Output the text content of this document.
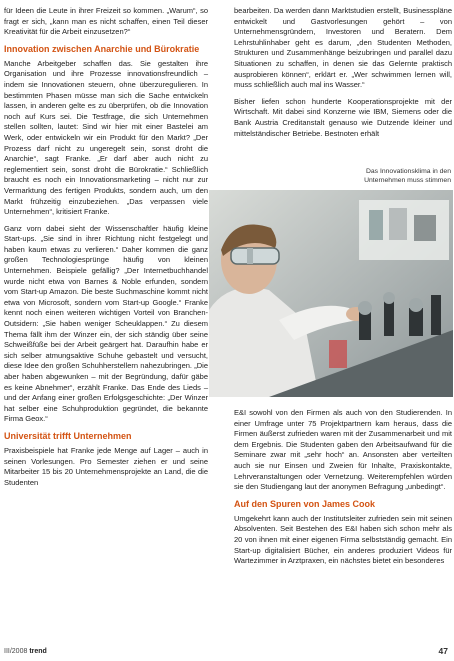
für Ideen die Leute in ihrer Freizeit so kommen. „Warum“, so fragt er sich, „kann man es nicht schaffen, einen Teil dieser Kreativität für die Arbeit einzusetzen?“

Innovation zwischen Anarchie und Bürokratie

Manche Arbeitgeber schaffen das. Sie gestalten ihre Organisation und ihre Prozesse innovationsfreundlich – indem sie Innovationen steuern, ohne überzuregulieren. In bestimmten Phasen müsse man sich die Sache entwickeln lassen, in anderen gelte es zu überprüfen, ob die Innovation noch auf Kurs sei. Die Testfrage, die sich Unternehmen stellen sollten, lautet: Sind wir hier mit einer Bastelei am Werk, oder entwickeln wir ein Produkt für den Markt? „Der Prozess darf nicht zu ungeregelt sein, sonst droht die Anarchie“, sagt Franke. „Er darf aber auch nicht zu reglementiert sein, sonst droht die Bürokratie.“ Schließlich braucht es noch ein Innovationsmarketing – nicht nur zur Vermarktung des fertigen Produkts, sondern auch, um den Markt frühzeitig einzubeziehen. „Das verpassen viele Unternehmen“, kritisiert Franke.

Ganz vorn dabei sieht der Wissenschaftler häufig kleine Start-ups. „Sie sind in ihrer Richtung nicht festgelegt und haben kaum etwas zu verlieren.“ Daher kommen die ganz großen Technologiesprünge häufig von kleinen Unternehmen. Beispiele gefällig? „Der Internetbuchhandel wurde nicht etwa von Barnes & Noble erfunden, sondern vom Start-up Amazon. Die beste Suchmaschine kommt nicht etwa von Microsoft, sondern vom Start-up Google.“ Franke kennt noch einen weiteren wichtigen Vorteil von Branchen-Outsidern: „Sie haben weniger Scheuklappen.“ Zu diesem Thema fällt ihm der Winzer ein, der sich ständig über seine Schweißfüße bei der Arbeit geärgert hat. Daraufhin habe er sich selber atmungsaktive Schuhe gebastelt und versucht, diese Idee den großen Schuhherstellern nahezubringen. „Die aber haben abgewunken – mit der Begründung, dafür gäbe es keine Abnehmer“, erzählt Franke. Das Ende des Lieds – und der Anfang einer großen Erfolgsgeschichte: „Der Winzer hat selber eine Schuhproduktion gegründet, die bekannte Firma Geox.“

Universität trifft Unternehmen

Praxisbeispiele hat Franke jede Menge auf Lager – auch in seinen Vorlesungen. Pro Semester ziehen er und seine Mitarbeiter 15 bis 20 Unternehmensprojekte an Land, die die Studenten

bearbeiten. Da werden dann Marktstudien erstellt, Businesspläne entwickelt und Gastvorlesungen gehört – von Unternehmensgründern, Investoren und Beratern. Dem Lehrstuhlinhaber geht es darum, „den Studenten Methoden, Strukturen und Zusammenhänge beizubringen und parallel dazu Situationen zu schaffen, in denen sie das Gelernte praktisch ausprobieren können“, erklärt er. „Wer schwimmen lernen will, muss schließlich auch mal ins Wasser.“

Bisher liefen schon hunderte Kooperationsprojekte mit der Wirtschaft. Mit dabei sind Konzerne wie IBM, Siemens oder die Bank Austria Creditanstalt genauso wie Dutzende kleiner und mittelständischer Betriebe. Bestnoten erhält

Das Innovationsklima in den Unternehmen muss stimmen

E&I sowohl von den Firmen als auch von den Studierenden. In einer Umfrage unter 75 Projektpartnern kam heraus, dass die Firmen äußerst zufrieden waren mit der Zusammenarbeit und mit dem Ergebnis. Die Studenten gaben den Arbeitsaufwand für die Seminare zwar mit „sehr hoch“ an. Ansonsten aber verteilten auch sie nur Einsen und Zweien für Inhalte, Praxiskontakte, Lehrveranstaltungen oder Vernetzung. Weiterempfehlen würden sie den Studiengang laut der anonymen Befragung „unbedingt“.

Auf den Spuren von James Cook

Umgekehrt kann auch der Institutsleiter zufrieden sein mit seinen Absolventen. Seit Bestehen des E&I haben sich schon mehr als 20 von ihnen mit einer eigenen Firma selbstständig gemacht. Ein Start-up digitalisiert Bücher, ein anderes produziert Videos für Wartezimmer in Arztpraxen, ein nächstes bietet ein besonderes

III/2008 trend	47
